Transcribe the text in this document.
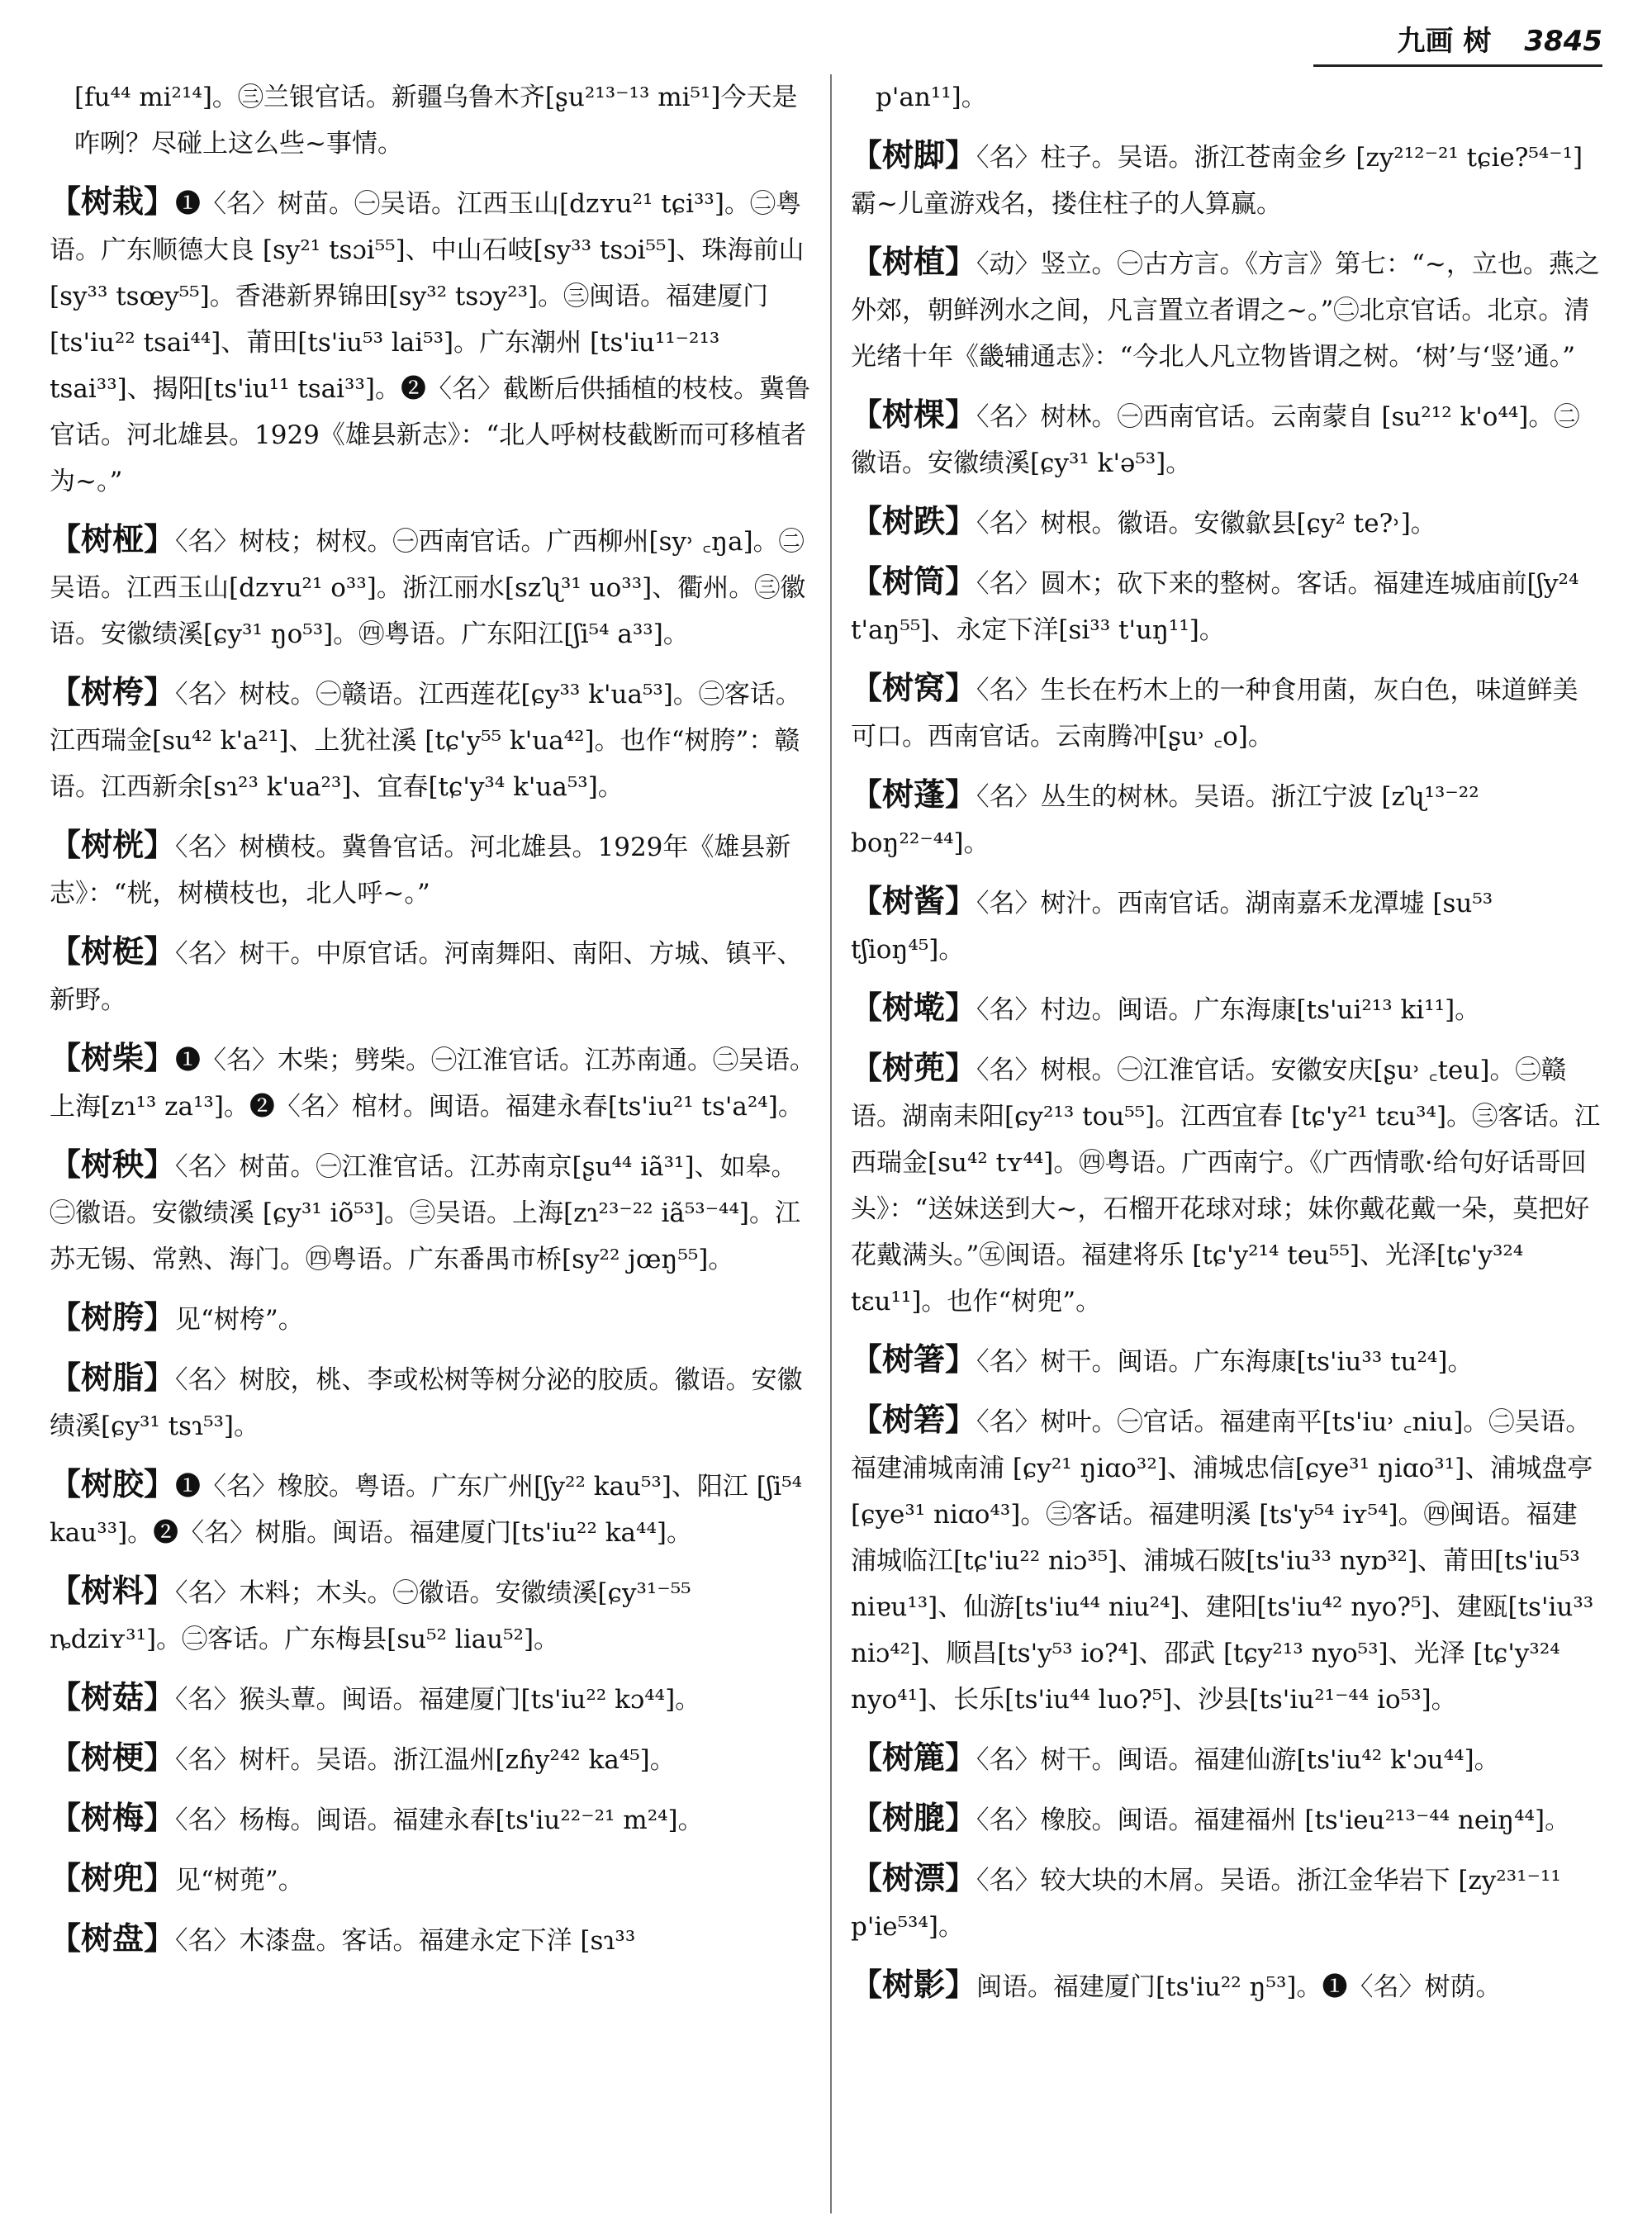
九画 树 3845

[fu⁴⁴ mi²¹⁴]。㊂兰银官话。新疆乌鲁木齐[ʂu²¹³⁻¹³ mi⁵¹]今天是咋咧？尽碰上这么些~事情。

【树栽】❶〈名〉树苗。㊀吴语。江西玉山[dzʏu²¹ tɕi³³]。㊁粤语。广东顺德大良 [sy²¹ tsɔi⁵⁵]、中山石岐[sy³³ tsɔi⁵⁵]、珠海前山 [sy³³ tsœy⁵⁵]。香港新界锦田[sy³² tsɔy²³]。㊂闽语。福建厦门[ts'iu²² tsai⁴⁴]、莆田[ts'iu⁵³ lai⁵³]。广东潮州 [ts'iu¹¹⁻²¹³ tsai³³]、揭阳[ts'iu¹¹ tsai³³]。❷〈名〉截断后供插植的枝枝。冀鲁官话。河北雄县。1929《雄县新志》：“北人呼树枝截断而可移植者为~。”

【树桠】〈名〉树枝；树杈。㊀西南官话。广西柳州[sy˒ ꜀ŋa]。㊁吴语。江西玉山[dzʏu²¹ o³³]。浙江丽水[szʯ³¹ uo³³]、衢州。㊂徽语。安徽绩溪[ɕy³¹ ŋo⁵³]。㊃粤语。广东阳江[ʃi⁵⁴ a³³]。

【树桍】〈名〉树枝。㊀赣语。江西莲花[ɕy³³ k'ua⁵³]。㊁客话。江西瑞金[su⁴² k'a²¹]、上犹社溪 [tɕ'y⁵⁵ k'ua⁴²]。也作“树胯”：赣语。江西新余[sɿ²³ k'ua²³]、宜春[tɕ'y³⁴ k'ua⁵³]。

【树桄】〈名〉树横枝。冀鲁官话。河北雄县。1929年《雄县新志》：“桄，树横枝也，北人呼~。”

【树梃】〈名〉树干。中原官话。河南舞阳、南阳、方城、镇平、新野。

【树柴】❶〈名〉木柴；劈柴。㊀江淮官话。江苏南通。㊁吴语。上海[zɿ¹³ za¹³]。❷〈名〉棺材。闽语。福建永春[ts'iu²¹ ts'a²⁴]。

【树秧】〈名〉树苗。㊀江淮官话。江苏南京[ʂu⁴⁴ iã³¹]、如皋。㊁徽语。安徽绩溪 [ɕy³¹ iõ⁵³]。㊂吴语。上海[zɿ²³⁻²² iã⁵³⁻⁴⁴]。江苏无锡、常熟、海门。㊃粤语。广东番禺市桥[sy²² jœŋ⁵⁵]。

【树胯】见“树桍”。

【树脂】〈名〉树胶，桃、李或松树等树分泌的胶质。徽语。安徽绩溪[ɕy³¹ tsɿ⁵³]。

【树胶】❶〈名〉橡胶。粤语。广东广州[ʃy²² kau⁵³]、阳江 [ʃi⁵⁴ kau³³]。❷〈名〉树脂。闽语。福建厦门[ts'iu²² ka⁴⁴]。

【树料】〈名〉木料；木头。㊀徽语。安徽绩溪[ɕy³¹⁻⁵⁵ ȵdziʏ³¹]。㊁客话。广东梅县[su⁵² liau⁵²]。

【树菇】〈名〉猴头蕈。闽语。福建厦门[ts'iu²² kɔ⁴⁴]。

【树梗】〈名〉树杆。吴语。浙江温州[zɦy²⁴² ka⁴⁵]。

【树梅】〈名〉杨梅。闽语。福建永春[ts'iu²²⁻²¹ m²⁴]。

【树兜】见“树蔸”。

【树盘】〈名〉木漆盘。客话。福建永定下洋 [sɿ³³

p'an¹¹]。

【树脚】〈名〉柱子。吴语。浙江苍南金乡 [zy²¹²⁻²¹ tɕie?⁵⁴⁻¹]霸~儿童游戏名，搂住柱子的人算赢。

【树植】〈动〉竖立。㊀古方言。《方言》第七：“~，立也。燕之外郊，朝鲜洌水之间，凡言置立者谓之~。”㊁北京官话。北京。清光绪十年《畿辅通志》：“今北人凡立物皆谓之树。‘树’与‘竖’通。”

【树棵】〈名〉树林。㊀西南官话。云南蒙自 [su²¹² k'o⁴⁴]。㊁徽语。安徽绩溪[ɕy³¹ k'ə⁵³]。

【树跌】〈名〉树根。徽语。安徽歙县[ɕy² te?˒]。

【树筒】〈名〉圆木；砍下来的整树。客话。福建连城庙前[ʃy²⁴ t'aŋ⁵⁵]、永定下洋[si³³ t'uŋ¹¹]。

【树窝】〈名〉生长在朽木上的一种食用菌，灰白色，味道鲜美可口。西南官话。云南腾冲[ʂu˒ ꜀o]。

【树蓬】〈名〉丛生的树林。吴语。浙江宁波 [zʯ¹³⁻²² boŋ²²⁻⁴⁴]。

【树酱】〈名〉树汁。西南官话。湖南嘉禾龙潭墟 [su⁵³ tʃioŋ⁴⁵]。

【树墘】〈名〉村边。闽语。广东海康[ts'ui²¹³ ki¹¹]。

【树蔸】〈名〉树根。㊀江淮官话。安徽安庆[ʂu˒ ꜀teu]。㊁赣语。湖南耒阳[ɕy²¹³ tou⁵⁵]。江西宜春 [tɕ'y²¹ tɛu³⁴]。㊂客话。江西瑞金[su⁴² tʏ⁴⁴]。㊃粤语。广西南宁。《广西情歌·给句好话哥回头》：“送妹送到大~，石榴开花球对球；妹你戴花戴一朵，莫把好花戴满头。”㊄闽语。福建将乐 [tɕ'y²¹⁴ teu⁵⁵]、光泽[tɕ'y³²⁴ tɛu¹¹]。也作“树兜”。

【树箸】〈名〉树干。闽语。广东海康[ts'iu³³ tu²⁴]。

【树箬】〈名〉树叶。㊀官话。福建南平[ts'iu˒ ꜀niu]。㊁吴语。福建浦城南浦 [ɕy²¹ ŋiɑo³²]、浦城忠信[ɕye³¹ ŋiɑo³¹]、浦城盘亭 [ɕye³¹ niɑo⁴³]。㊂客话。福建明溪 [ts'y⁵⁴ iʏ⁵⁴]。㊃闽语。福建浦城临江[tɕ'iu²² niɔ³⁵]、浦城石陂[ts'iu³³ nyɒ³²]、莆田[ts'iu⁵³ niɐu¹³]、仙游[ts'iu⁴⁴ niu²⁴]、建阳[ts'iu⁴² nyo?⁵]、建瓯[ts'iu³³ niɔ⁴²]、顺昌[ts'y⁵³ io?⁴]、邵武 [tɕy²¹³ nyo⁵³]、光泽 [tɕ'y³²⁴ nyo⁴¹]、长乐[ts'iu⁴⁴ luo?⁵]、沙县[ts'iu²¹⁻⁴⁴ io⁵³]。

【树簏】〈名〉树干。闽语。福建仙游[ts'iu⁴² k'ɔu⁴⁴]。

【树膍】〈名〉橡胶。闽语。福建福州 [ts'ieu²¹³⁻⁴⁴ neiŋ⁴⁴]。

【树漂】〈名〉较大块的木屑。吴语。浙江金华岩下 [zy²³¹⁻¹¹ p'ie⁵³⁴]。

【树影】闽语。福建厦门[ts'iu²² ŋ⁵³]。❶〈名〉树荫。
